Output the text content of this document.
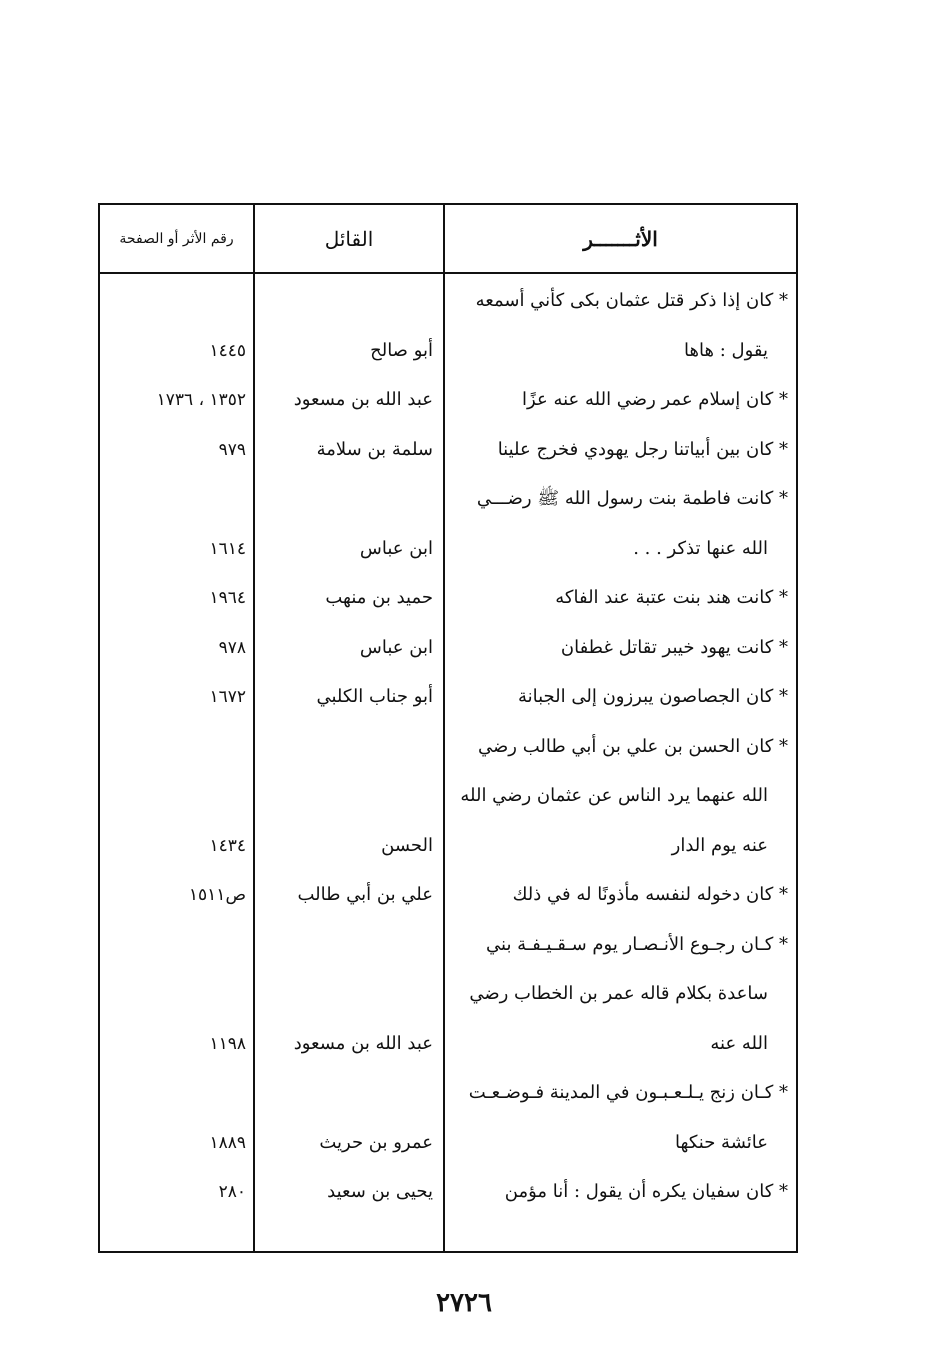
الأثـــــــر
القائل
رقم الأثر أو الصفحة
* كان إذا ذكر قتل عثمان بكى كأني أسمعه
يقول : هاها
أبو صالح
١٤٤٥
* كان إسلام عمر رضي الله عنه عزًا
عبد الله بن مسعود
١٣٥٢ ، ١٧٣٦
* كان بين أبياتنا رجل يهودي فخرج علينا
سلمة بن سلامة
٩٧٩
* كانت فاطمة بنت رسول الله ﷺ رضـــي
الله عنها تذكر . . .
ابن عباس
١٦١٤
* كانت هند بنت عتبة عند الفاكه
حميد بن منهب
١٩٦٤
* كانت يهود خيبر تقاتل غطفان
ابن عباس
٩٧٨
* كان الجصاصون يبرزون إلى الجبانة
أبو جناب الكلبي
١٦٧٢
* كان الحسن بن علي بن أبي طالب رضي
الله عنهما يرد الناس عن عثمان رضي الله
عنه يوم الدار
الحسن
١٤٣٤
* كان دخوله لنفسه مأذونًا له في ذلك
علي بن أبي طالب
ص١٥١١
* كـان رجـوع الأنـصـار يوم سـقـيـفـة بني
ساعدة بكلام قاله عمر بن الخطاب رضي
الله عنه
عبد الله بن مسعود
١١٩٨
* كـان زنج يـلـعـبـون في المدينة فـوضـعـت
عائشة حنكها
عمرو بن حريث
١٨٨٩
* كان سفيان يكره أن يقول : أنا مؤمن
يحيى بن سعيد
٢٨٠
٢٧٢٦
